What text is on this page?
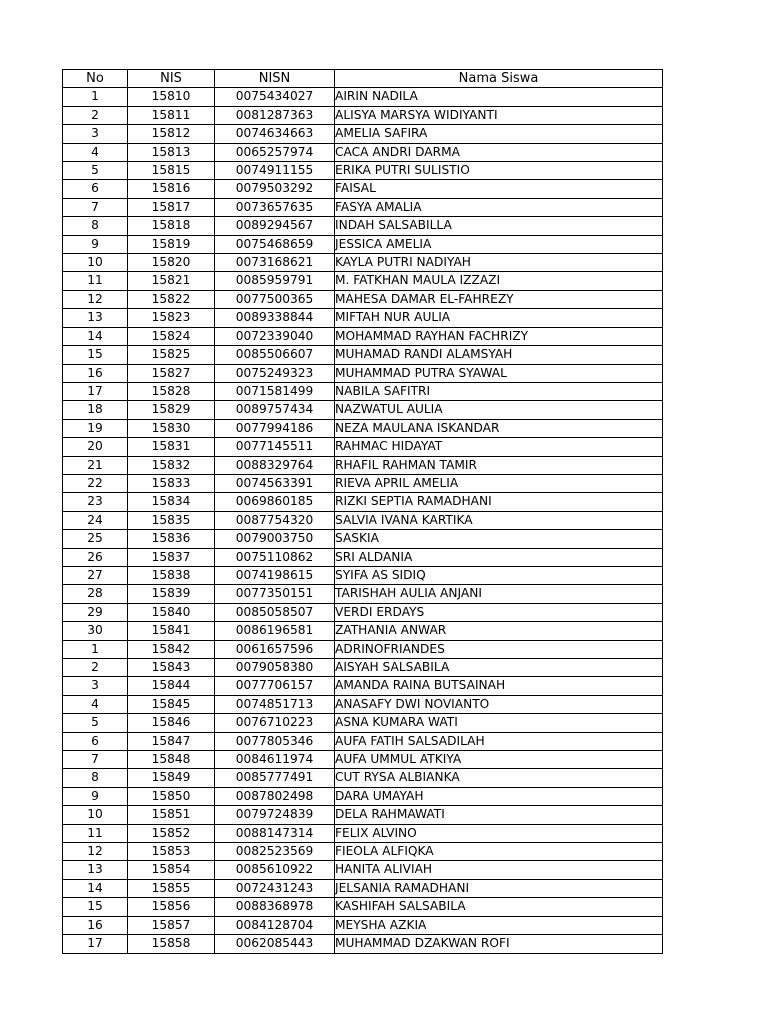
No	NIS	NISN	Nama Siswa
1	15810	0075434027	AIRIN NADILA
2	15811	0081287363	ALISYA MARSYA WIDIYANTI
3	15812	0074634663	AMELIA SAFIRA
4	15813	0065257974	CACA ANDRI DARMA
5	15815	0074911155	ERIKA PUTRI SULISTIO
6	15816	0079503292	FAISAL
7	15817	0073657635	FASYA AMALIA
8	15818	0089294567	INDAH SALSABILLA
9	15819	0075468659	JESSICA AMELIA
10	15820	0073168621	KAYLA PUTRI NADIYAH
11	15821	0085959791	M. FATKHAN MAULA IZZAZI
12	15822	0077500365	MAHESA DAMAR EL-FAHREZY
13	15823	0089338844	MIFTAH NUR AULIA
14	15824	0072339040	MOHAMMAD RAYHAN FACHRIZY
15	15825	0085506607	MUHAMAD RANDI ALAMSYAH
16	15827	0075249323	MUHAMMAD PUTRA SYAWAL
17	15828	0071581499	NABILA SAFITRI
18	15829	0089757434	NAZWATUL AULIA
19	15830	0077994186	NEZA MAULANA ISKANDAR
20	15831	0077145511	RAHMAC HIDAYAT
21	15832	0088329764	RHAFIL RAHMAN TAMIR
22	15833	0074563391	RIEVA APRIL AMELIA
23	15834	0069860185	RIZKI SEPTIA RAMADHANI
24	15835	0087754320	SALVIA IVANA KARTIKA
25	15836	0079003750	SASKIA
26	15837	0075110862	SRI ALDANIA
27	15838	0074198615	SYIFA AS SIDIQ
28	15839	0077350151	TARISHAH AULIA ANJANI
29	15840	0085058507	VERDI ERDAYS
30	15841	0086196581	ZATHANIA ANWAR
1	15842	0061657596	ADRINOFRIANDES
2	15843	0079058380	AISYAH SALSABILA
3	15844	0077706157	AMANDA RAINA BUTSAINAH
4	15845	0074851713	ANASAFY DWI NOVIANTO
5	15846	0076710223	ASNA KUMARA WATI
6	15847	0077805346	AUFA FATIH SALSADILAH
7	15848	0084611974	AUFA UMMUL ATKIYA
8	15849	0085777491	CUT RYSA ALBIANKA
9	15850	0087802498	DARA UMAYAH
10	15851	0079724839	DELA RAHMAWATI
11	15852	0088147314	FELIX ALVINO
12	15853	0082523569	FIEOLA ALFIQKA
13	15854	0085610922	HANITA ALIVIAH
14	15855	0072431243	JELSANIA RAMADHANI
15	15856	0088368978	KASHIFAH SALSABILA
16	15857	0084128704	MEYSHA AZKIA
17	15858	0062085443	MUHAMMAD DZAKWAN ROFI
